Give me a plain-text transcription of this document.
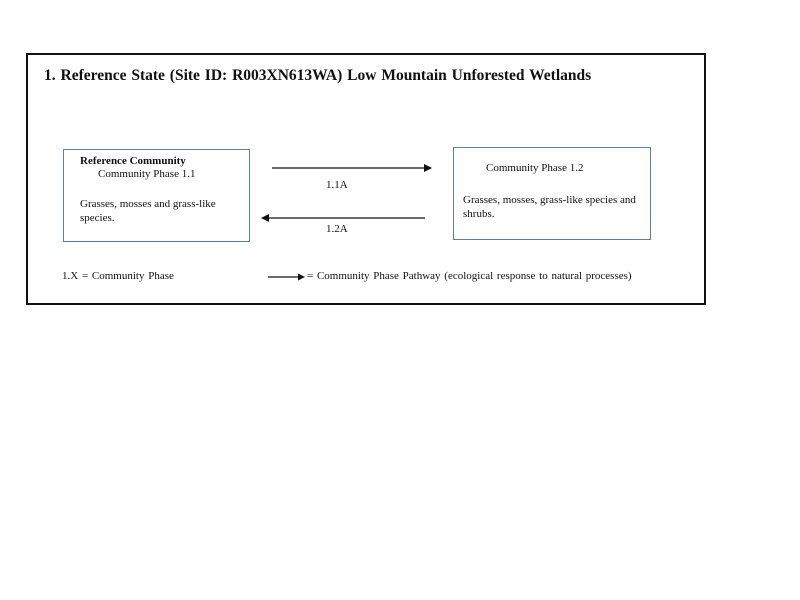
1. Reference State (Site ID: R003XN613WA) Low Mountain Unforested Wetlands
Reference Community
Community Phase 1.1
Grasses, mosses and grass-like species.
1.1A
1.2A
Community Phase 1.2
Grasses, mosses, grass-like species and shrubs.
1.X = Community Phase	= Community Phase Pathway (ecological response to natural processes)
